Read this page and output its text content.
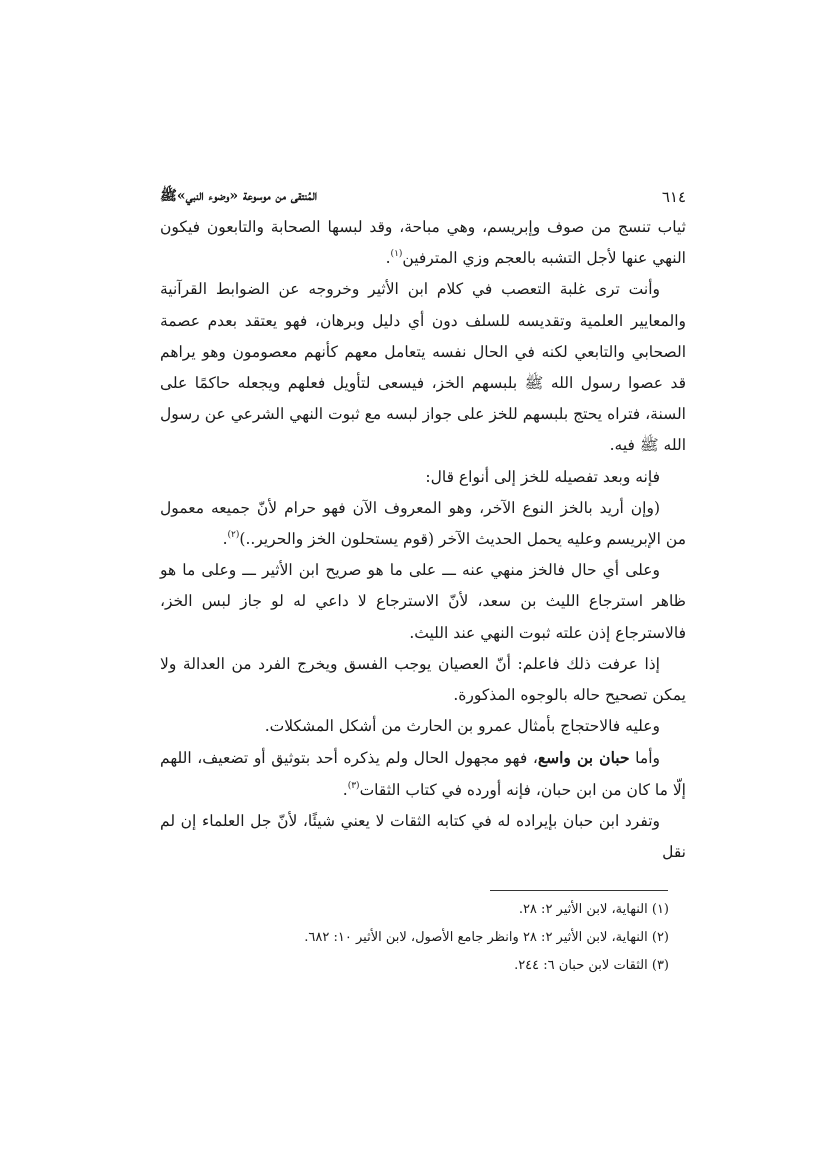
٦١٤
المُنتقى من موسوعة «وضوء النبي»ﷺ

ثياب تنسج من صوف وإبريسم، وهي مباحة، وقد لبسها الصحابة والتابعون فيكون النهي عنها لأجل التشبه بالعجم وزي المترفين$^{(١)}$.

وأنت ترى غلبة التعصب في كلام ابن الأثير وخروجه عن الضوابط القرآنية والمعايير العلمية وتقديسه للسلف دون أي دليل وبرهان، فهو يعتقد بعدم عصمة الصحابي والتابعي لكنه في الحال نفسه يتعامل معهم كأنهم معصومون وهو يراهم قد عصوا رسول الله ﷺ بلبسهم الخز، فيسعى لتأويل فعلهم ويجعله حاكمًا على السنة، فتراه يحتج بلبسهم للخز على جواز لبسه مع ثبوت النهي الشرعي عن رسول الله ﷺ فيه.

فإنه وبعد تفصيله للخز إلى أنواع قال:

(وإن أريد بالخز النوع الآخر، وهو المعروف الآن فهو حرام لأنّ جميعه معمول من الإبريسم وعليه يحمل الحديث الآخر (قوم يستحلون الخز والحرير..)$^{(٢)}$.

وعلى أي حال فالخز منهي عنه ـــ على ما هو صريح ابن الأثير ـــ وعلى ما هو ظاهر استرجاع الليث بن سعد، لأنّ الاسترجاع لا داعي له لو جاز لبس الخز، فالاسترجاع إذن علته ثبوت النهي عند الليث.

إذا عرفت ذلك فاعلم: أنّ العصيان يوجب الفسق ويخرج الفرد من العدالة ولا يمكن تصحيح حاله بالوجوه المذكورة.

وعليه فالاحتجاج بأمثال عمرو بن الحارث من أشكل المشكلات.

وأما حبان بن واسع، فهو مجهول الحال ولم يذكره أحد بتوثيق أو تضعيف، اللهم إلّا ما كان من ابن حبان، فإنه أورده في كتاب الثقات$^{(٣)}$.

وتفرد ابن حبان بإيراده له في كتابه الثقات لا يعني شيئًا، لأنّ جل العلماء إن لم نقل

(١) النهاية، لابن الأثير ٢: ٢٨.

(٢) النهاية، لابن الأثير ٢: ٢٨ وانظر جامع الأصول، لابن الأثير ١٠: ٦٨٢.

(٣) الثقات لابن حبان ٦: ٢٤٤.
